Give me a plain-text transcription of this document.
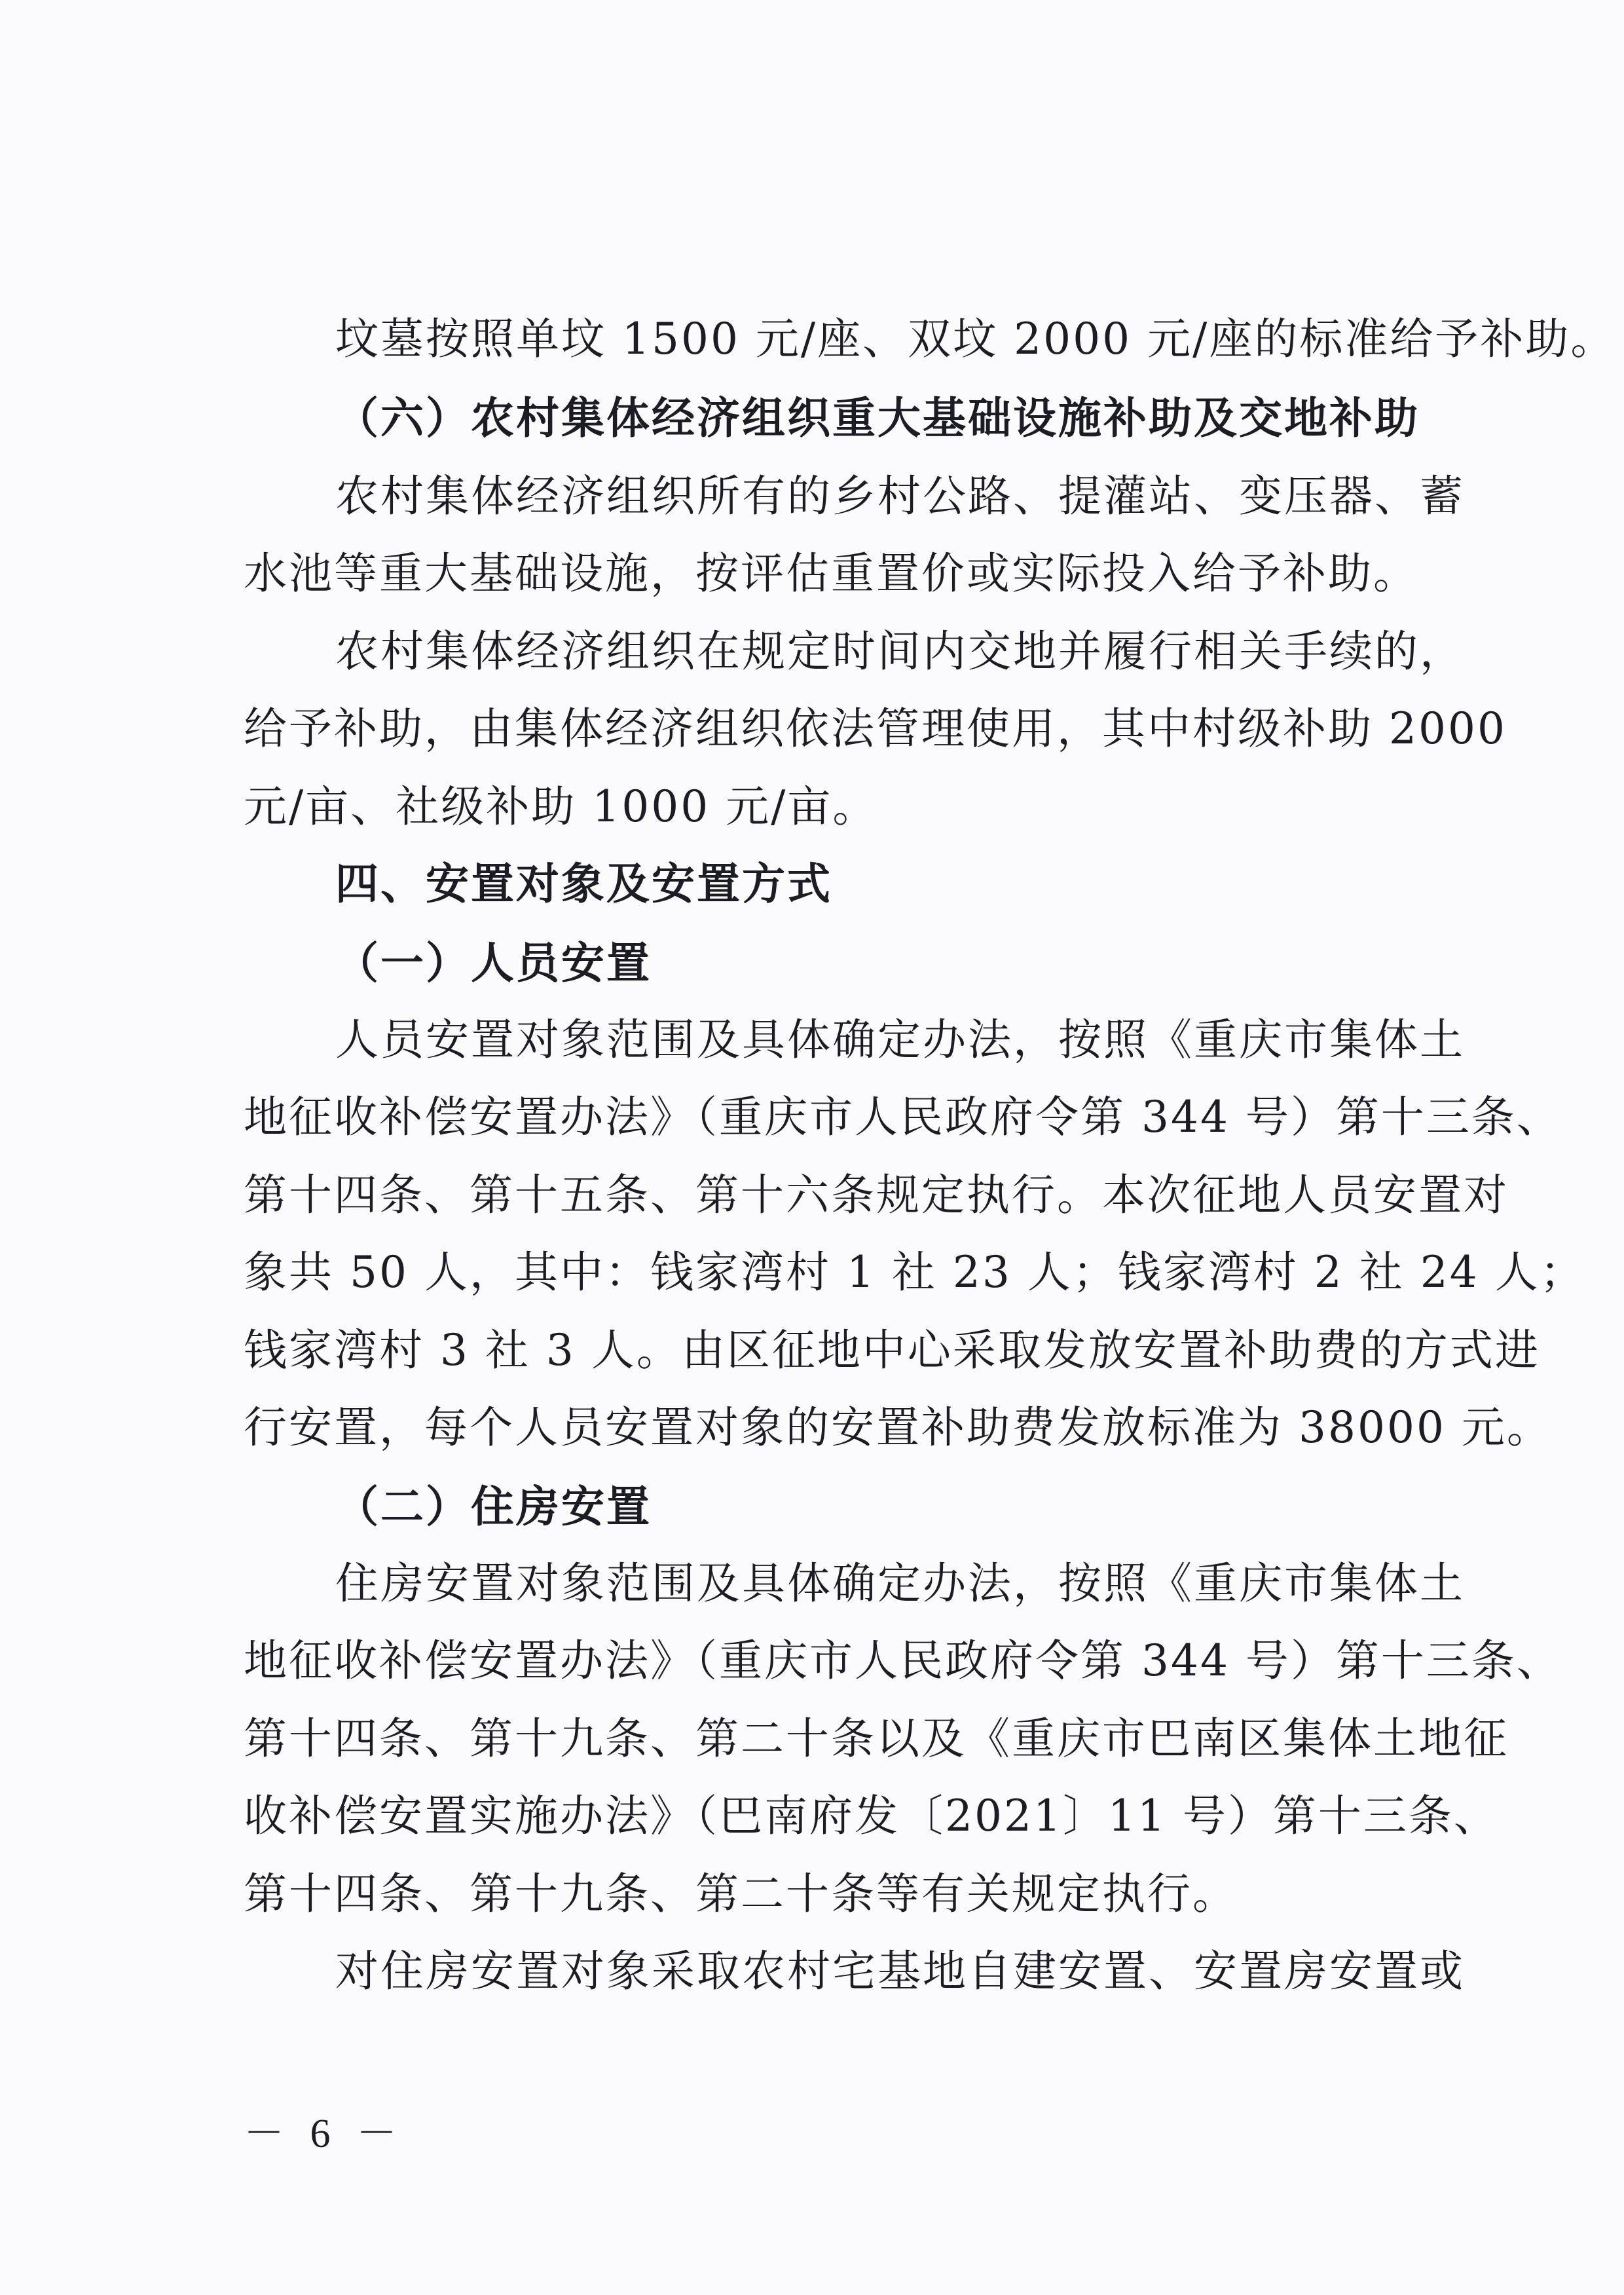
坟墓按照单坟 1500 元/座、双坟 2000 元/座的标准给予补助。
（六）农村集体经济组织重大基础设施补助及交地补助
农村集体经济组织所有的乡村公路、提灌站、变压器、蓄
水池等重大基础设施，按评估重置价或实际投入给予补助。
农村集体经济组织在规定时间内交地并履行相关手续的，
给予补助，由集体经济组织依法管理使用，其中村级补助 2000
元/亩、社级补助 1000 元/亩。
四、安置对象及安置方式
（一）人员安置
人员安置对象范围及具体确定办法，按照《重庆市集体土
地征收补偿安置办法》（重庆市人民政府令第 344 号）第十三条、
第十四条、第十五条、第十六条规定执行。本次征地人员安置对
象共 50 人，其中：钱家湾村 1 社 23 人；钱家湾村 2 社 24 人；
钱家湾村 3 社 3 人。由区征地中心采取发放安置补助费的方式进
行安置，每个人员安置对象的安置补助费发放标准为 38000 元。
（二）住房安置
住房安置对象范围及具体确定办法，按照《重庆市集体土
地征收补偿安置办法》（重庆市人民政府令第 344 号）第十三条、
第十四条、第十九条、第二十条以及《重庆市巴南区集体土地征
收补偿安置实施办法》（巴南府发〔2021〕11 号）第十三条、
第十四条、第十九条、第二十条等有关规定执行。
对住房安置对象采取农村宅基地自建安置、安置房安置或
－ 6 －
